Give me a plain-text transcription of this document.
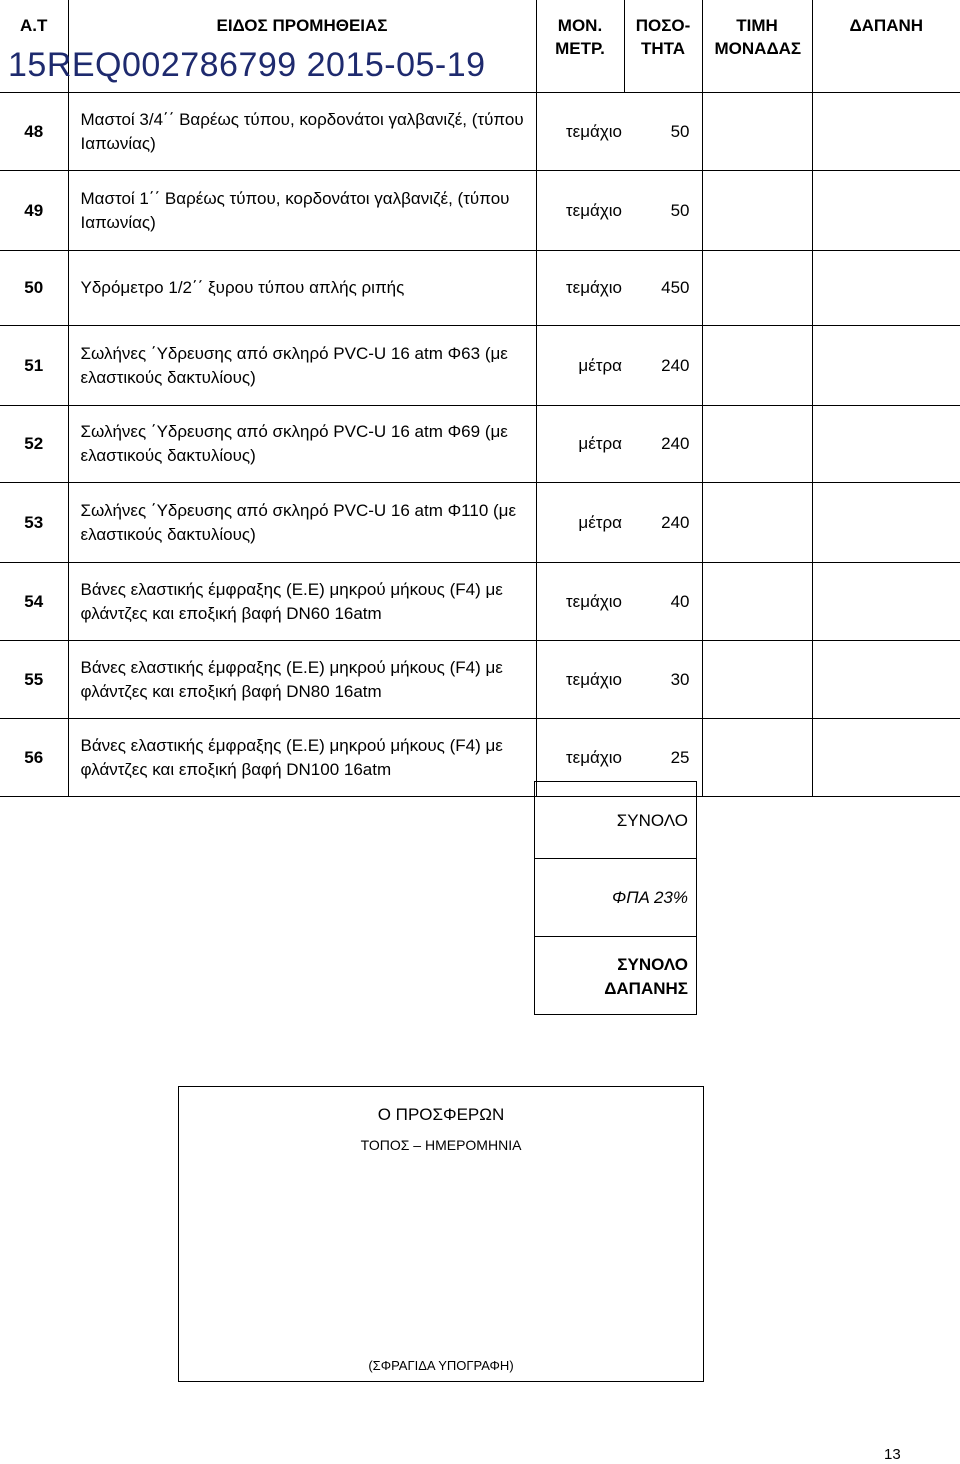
Α.Τ	ΕΙΔΟΣ ΠΡΟΜΗΘΕΙΑΣ	ΜΟΝ. ΜΕΤΡ.	ΠΟΣΟ- ΤΗΤΑ	ΤΙΜΗ ΜΟΝΑΔΑΣ	ΔΑΠΑΝΗ
48	Μαστοί 3/4΄΄ Βαρέως τύπου, κορδονάτοι γαλβανιζέ, (τύπου Ιαπωνίας)	τεμάχιο	50		
49	Μαστοί 1΄΄ Βαρέως τύπου, κορδονάτοι γαλβανιζέ, (τύπου Ιαπωνίας)	τεμάχιο	50		
50	Υδρόμετρο 1/2΄΄ ξυρου τύπου απλής ριπής	τεμάχιο	450		
51	Σωλήνες ΄Υδρευσης από σκληρό PVC-U 16 atm Φ63 (με ελαστικούς δακτυλίους)	μέτρα	240		
52	Σωλήνες ΄Υδρευσης από σκληρό PVC-U 16 atm Φ69 (με ελαστικούς δακτυλίους)	μέτρα	240		
53	Σωλήνες ΄Υδρευσης από σκληρό PVC-U 16 atm Φ110 (με ελαστικούς δακτυλίους)	μέτρα	240		
54	Βάνες ελαστικής έμφραξης (Ε.Ε) μηκρού μήκους (F4) με φλάντζες και εποξική βαφή DN60 16atm	τεμάχιο	40		
55	Βάνες ελαστικής έμφραξης (Ε.Ε) μηκρού μήκους (F4) με φλάντζες και εποξική βαφή DN80 16atm	τεμάχιο	30		
56	Βάνες ελαστικής έμφραξης (Ε.Ε) μηκρού μήκους (F4) με φλάντζες και εποξική βαφή DN100 16atm	τεμάχιο	25		
15REQ002786799 2015-05-19
ΣΥΝΟΛΟ
ΦΠΑ 23%
ΣΥΝΟΛΟ ΔΑΠΑΝΗΣ
Ο ΠΡΟΣΦΕΡΩΝ
ΤΟΠΟΣ – ΗΜΕΡΟΜΗΝΙΑ
(ΣΦΡΑΓΙΔΑ ΥΠΟΓΡΑΦΗ)
13
